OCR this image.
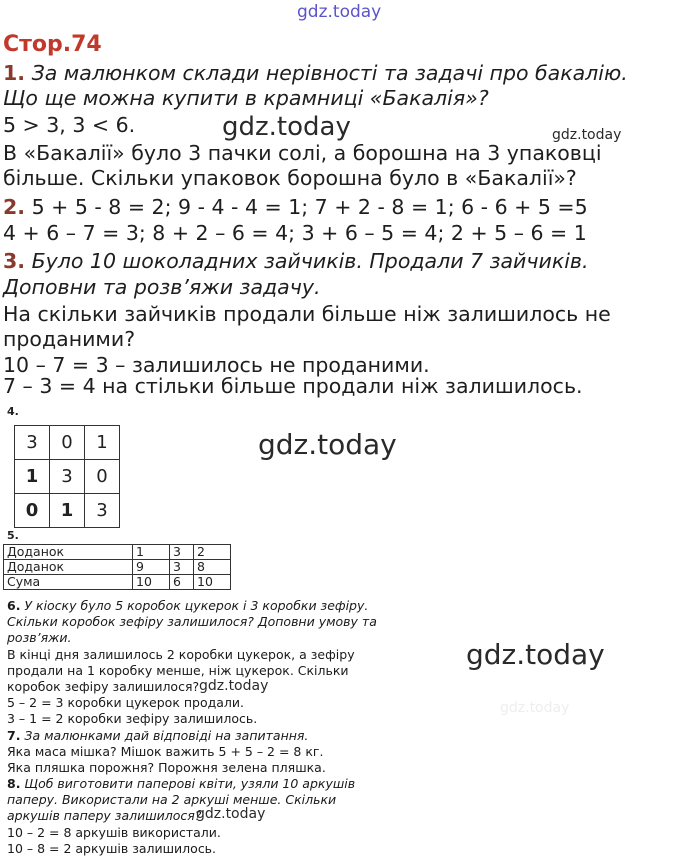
gdz.today
Стор.74
1. За малюнком склади нерівності та задачі про бакалію.
Що ще можна купити в крамниці «Бакалія»?
5 > 3, 3 < 6.	gdz.today	gdz.today
В «Бакалії» було 3 пачки солі, а борошна на 3 упаковці
більше. Скільки упаковок борошна було в «Бакалії»?
2. 5 + 5 - 8 = 2; 9 - 4 - 4 = 1; 7 + 2 - 8 = 1; 6 - 6 + 5 =5
4 + 6 – 7 = 3; 8 + 2 – 6 = 4; 3 + 6 – 5 = 4; 2 + 5 – 6 = 1
3. Було 10 шоколадних зайчиків. Продали 7 зайчиків.
Доповни та розв’яжи задачу.
На скільки зайчиків продали більше ніж залишилось не
проданими?
10 – 7 = 3 – залишилось не проданими.
7 – 3 = 4 на стільки більше продали ніж залишилось.
4.
3	0	1
1	3	0
0	1	3
gdz.today
5.
Доданок	1	3	2
Доданок	9	3	8
Сума	10	6	10
6. У кіоску було 5 коробок цукерок і 3 коробки зефіру.
Скільки коробок зефіру залишилося? Доповни умову та
розв’яжи.
В кінці дня залишилось 2 коробки цукерок, а зефіру
продали на 1 коробку менше, ніж цукерок. Скільки
коробок зефіру залишилося? gdz.today
gdz.today
5 – 2 = 3 коробки цукерок продали.
3 – 1 = 2 коробки зефіру залишилось.
7. За малюнками дай відповіді на запитання.
Яка маса мішка? Мішок важить 5 + 5 – 2 = 8 кг.
Яка пляшка порожня? Порожня зелена пляшка.
8. Щоб виготовити паперові квіти, узяли 10 аркушів
паперу. Використали на 2 аркуші менше. Скільки
аркушів паперу залишилося?
gdz.today
10 – 2 = 8 аркушів використали.
10 – 8 = 2 аркушів залишилось.
gdz.today
